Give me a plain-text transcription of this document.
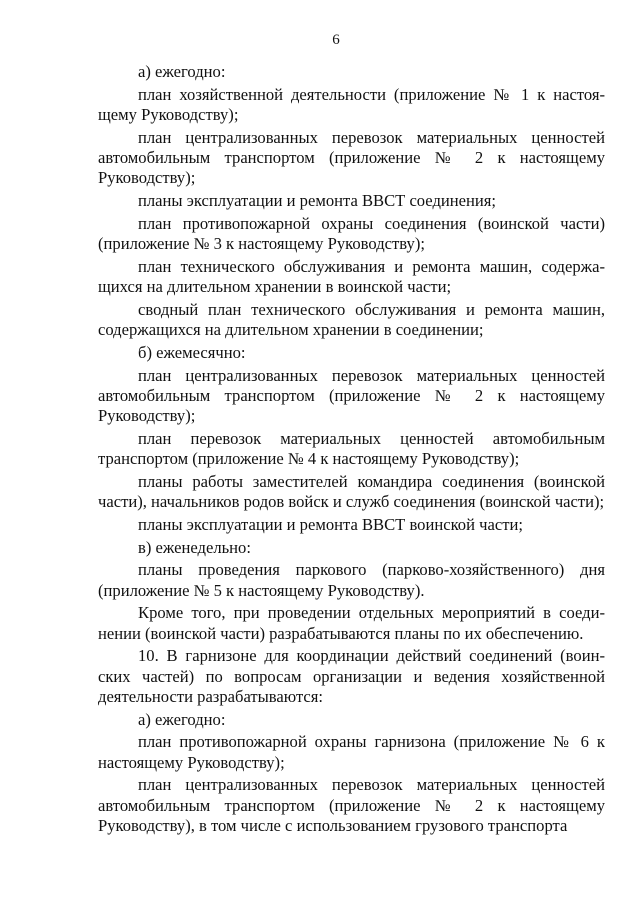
6

а) ежегодно:

план хозяйственной деятельности (приложение № 1 к настоящему Руководству);

план централизованных перевозок материальных ценностей автомобильным транспортом (приложение № 2 к настоящему Руководству);

планы эксплуатации и ремонта ВВСТ соединения;

план противопожарной охраны соединения (воинской части) (приложение № 3 к настоящему Руководству);

план технического обслуживания и ремонта машин, содержащихся на длительном хранении в воинской части;

сводный план технического обслуживания и ремонта машин, содержащихся на длительном хранении в соединении;

б) ежемесячно:

план централизованных перевозок материальных ценностей автомобильным транспортом (приложение № 2 к настоящему Руководству);

план перевозок материальных ценностей автомобильным транспортом (приложение № 4 к настоящему Руководству);

планы работы заместителей командира соединения (воинской части), начальников родов войск и служб соединения (воинской части);

планы эксплуатации и ремонта ВВСТ воинской части;

в) еженедельно:

планы проведения паркового (парково-хозяйственного) дня (приложение № 5 к настоящему Руководству).

Кроме того, при проведении отдельных мероприятий в соединении (воинской части) разрабатываются планы по их обеспечению.

10. В гарнизоне для координации действий соединений (воинских частей) по вопросам организации и ведения хозяйственной деятельности разрабатываются:

а) ежегодно:

план противопожарной охраны гарнизона (приложение № 6 к настоящему Руководству);

план централизованных перевозок материальных ценностей автомобильным транспортом (приложение № 2 к настоящему Руководству), в том числе с использованием грузового транспорта
